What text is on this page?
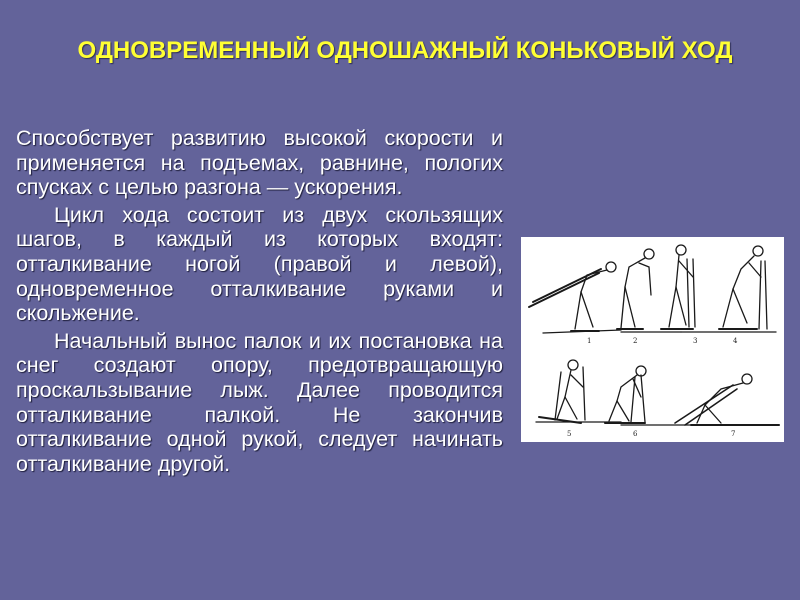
ОДНОВРЕМЕННЫЙ ОДНОШАЖНЫЙ КОНЬКОВЫЙ ХОД

Способствует развитию высокой скорости и применяется на подъемах, равнине, пологих спусках с целью разгона — ускорения.

Цикл хода состоит из двух скользящих шагов, в каждый из которых входят: отталкивание ногой (правой и левой), одновременное отталкивание руками и скольжение.

Начальный вынос палок и их постановка на снег создают опору, предотвращающую проскальзывание лыж. Далее проводится отталкивание палкой. Не закончив отталкивание одной рукой, следует начинать отталкивание другой.

1	2	3	4
5	6	7
